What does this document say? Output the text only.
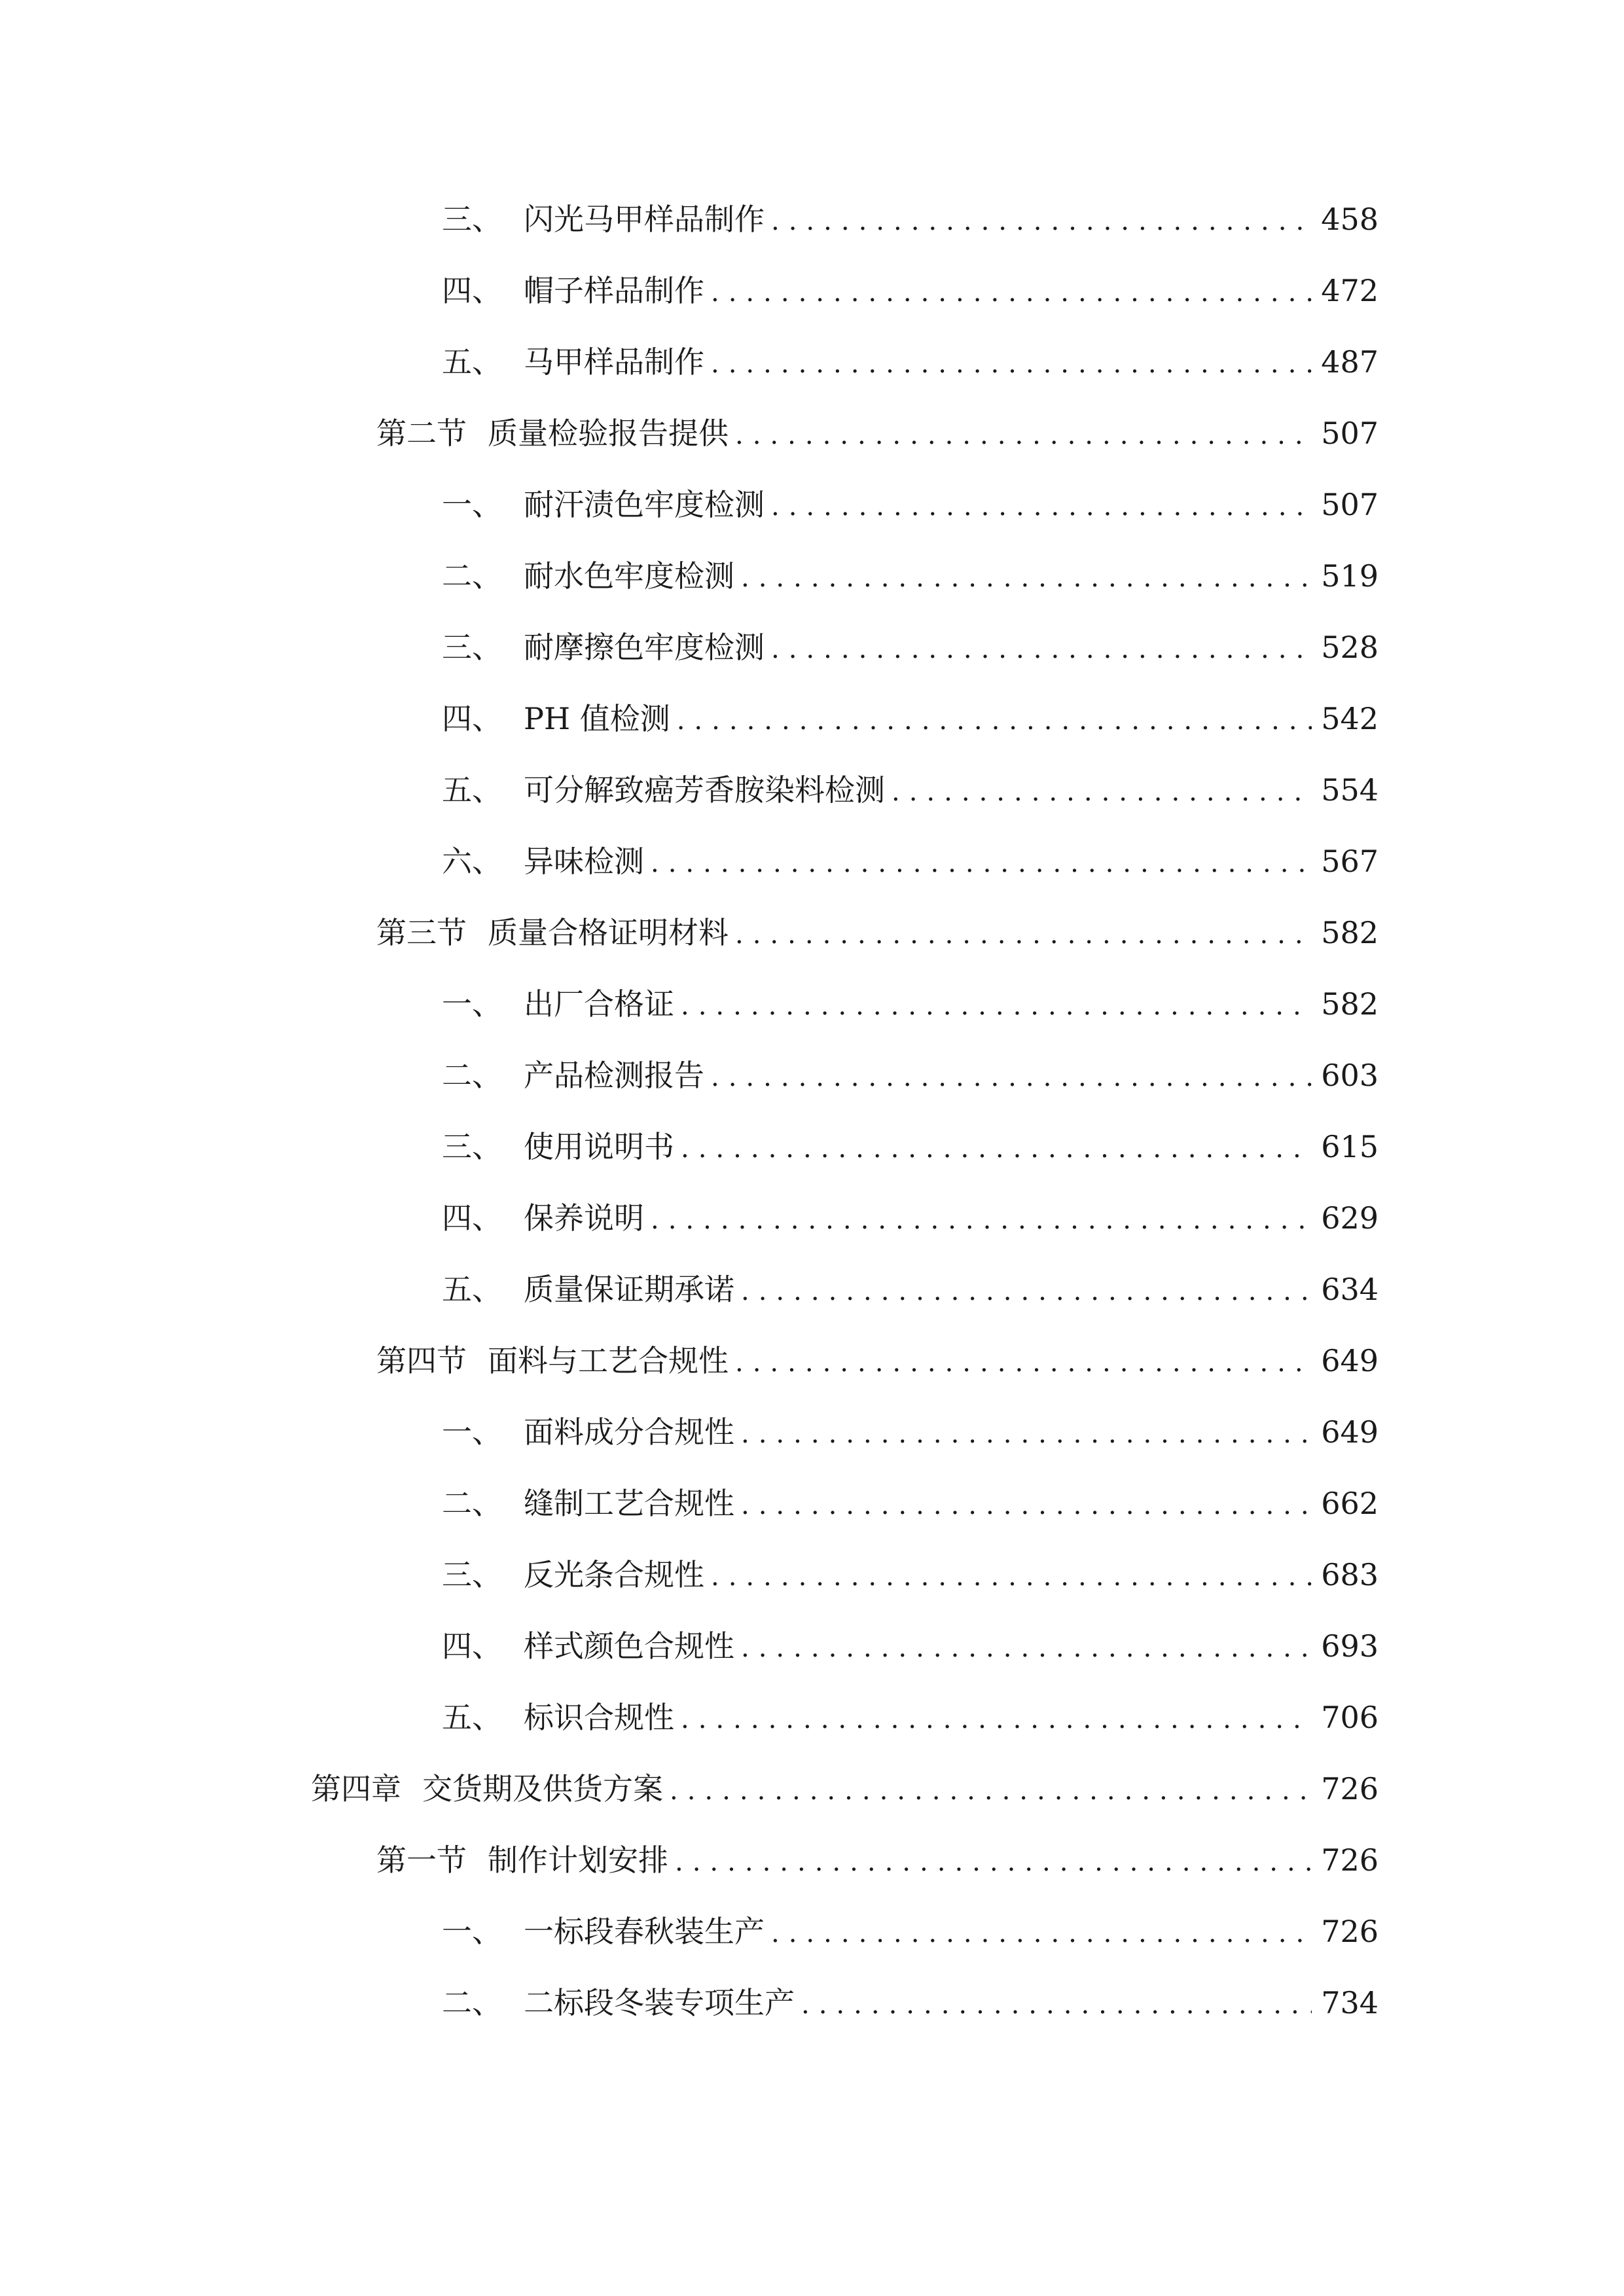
三、 闪光马甲样品制作 .....	458
四、 帽子样品制作 .....	472
五、 马甲样品制作 .....	487
第二节 质量检验报告提供 .....	507
一、 耐汗渍色牢度检测 .....	507
二、 耐水色牢度检测 .....	519
三、 耐摩擦色牢度检测 .....	528
四、 PH 值检测 .....	542
五、 可分解致癌芳香胺染料检测 .....	554
六、 异味检测 .....	567
第三节 质量合格证明材料 .....	582
一、 出厂合格证 .....	582
二、 产品检测报告 .....	603
三、 使用说明书 .....	615
四、 保养说明 .....	629
五、 质量保证期承诺 .....	634
第四节 面料与工艺合规性 .....	649
一、 面料成分合规性 .....	649
二、 缝制工艺合规性 .....	662
三、 反光条合规性 .....	683
四、 样式颜色合规性 .....	693
五、 标识合规性 .....	706
第四章 交货期及供货方案 .....	726
第一节 制作计划安排 .....	726
一、 一标段春秋装生产 .....	726
二、 二标段冬装专项生产 .....	734
